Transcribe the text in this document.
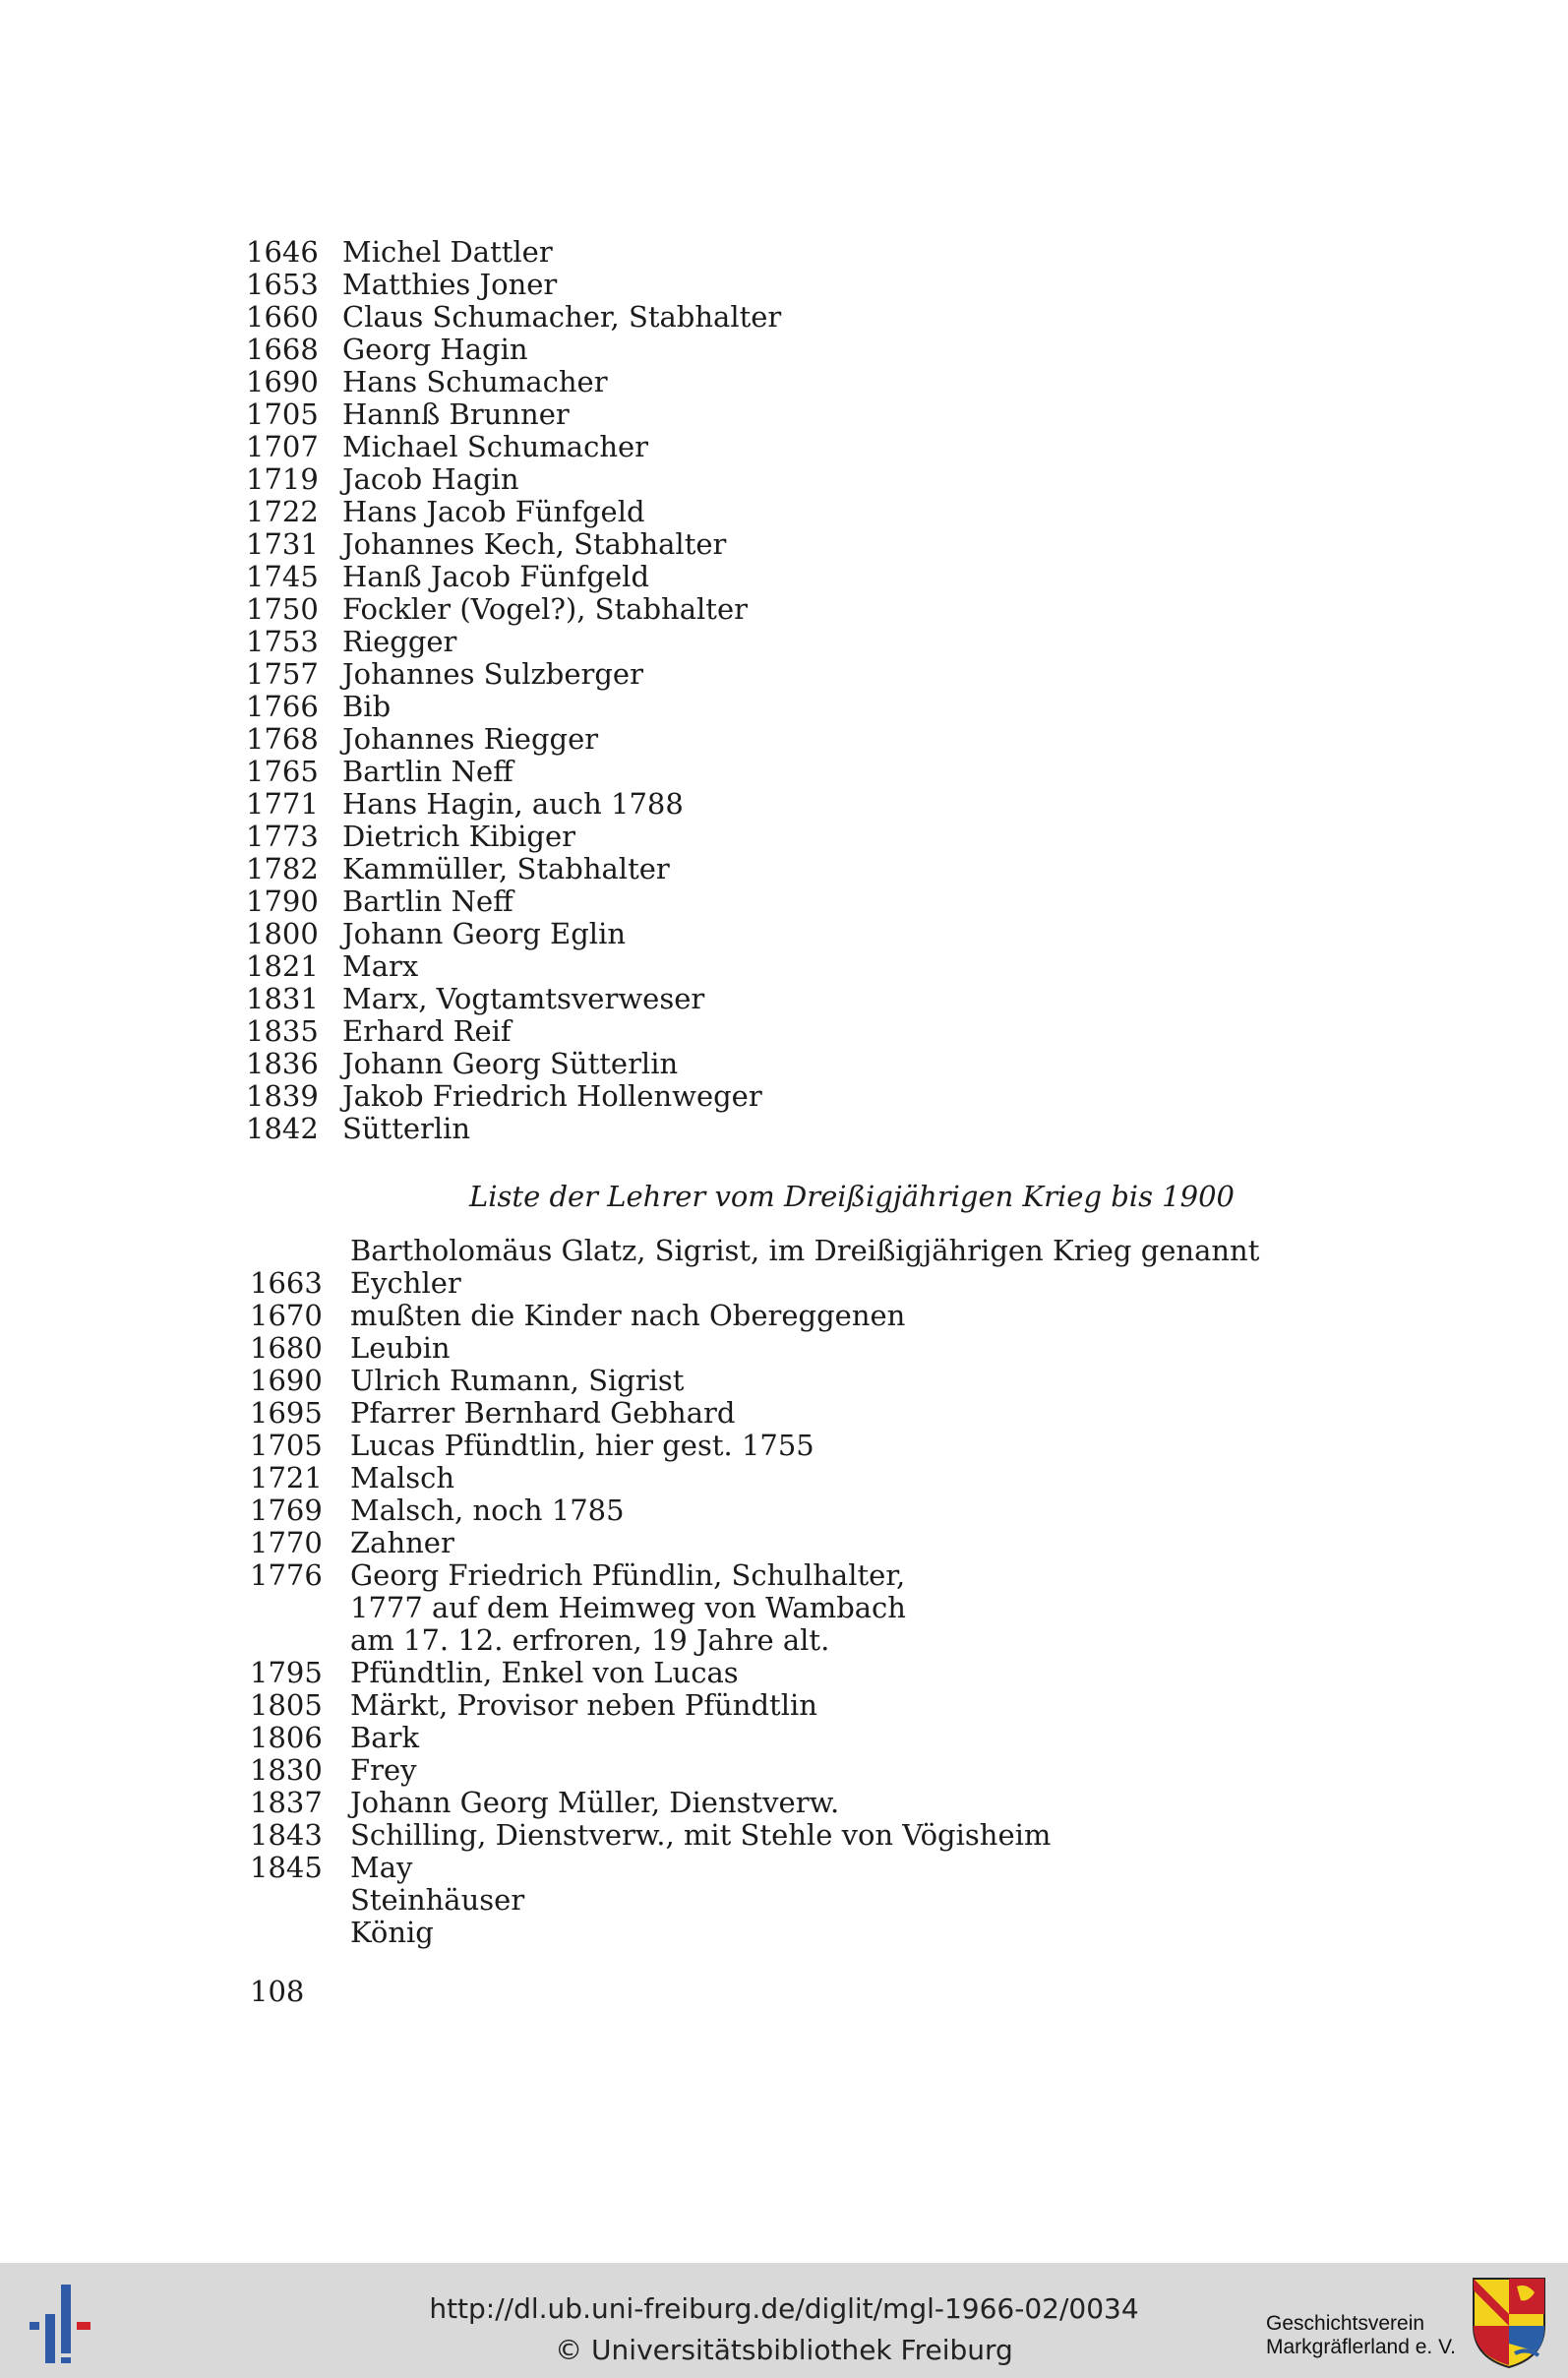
1646 Michel Dattler
1653 Matthies Joner
1660 Claus Schumacher, Stabhalter
1668 Georg Hagin
1690 Hans Schumacher
1705 Hannß Brunner
1707 Michael Schumacher
1719 Jacob Hagin
1722 Hans Jacob Fünfgeld
1731 Johannes Kech, Stabhalter
1745 Hanß Jacob Fünfgeld
1750 Fockler (Vogel?), Stabhalter
1753 Riegger
1757 Johannes Sulzberger
1766 Bib
1768 Johannes Riegger
1765 Bartlin Neff
1771 Hans Hagin, auch 1788
1773 Dietrich Kibiger
1782 Kammüller, Stabhalter
1790 Bartlin Neff
1800 Johann Georg Eglin
1821 Marx
1831 Marx, Vogtamtsverweser
1835 Erhard Reif
1836 Johann Georg Sütterlin
1839 Jakob Friedrich Hollenweger
1842 Sütterlin
Liste der Lehrer vom Dreißigjährigen Krieg bis 1900
Bartholomäus Glatz, Sigrist, im Dreißigjährigen Krieg genannt
1663 Eychler
1670 mußten die Kinder nach Obereggenen
1680 Leubin
1690 Ulrich Rumann, Sigrist
1695 Pfarrer Bernhard Gebhard
1705 Lucas Pfündtlin, hier gest. 1755
1721 Malsch
1769 Malsch, noch 1785
1770 Zahner
1776 Georg Friedrich Pfündlin, Schulhalter,
1777 auf dem Heimweg von Wambach
am 17. 12. erfroren, 19 Jahre alt.
1795 Pfündtlin, Enkel von Lucas
1805 Märkt, Provisor neben Pfündtlin
1806 Bark
1830 Frey
1837 Johann Georg Müller, Dienstverw.
1843 Schilling, Dienstverw., mit Stehle von Vögisheim
1845 May
Steinhäuser
König
108
http://dl.ub.uni-freiburg.de/diglit/mgl-1966-02/0034
© Universitätsbibliothek Freiburg
Geschichtsverein
Markgräflerland e. V.
